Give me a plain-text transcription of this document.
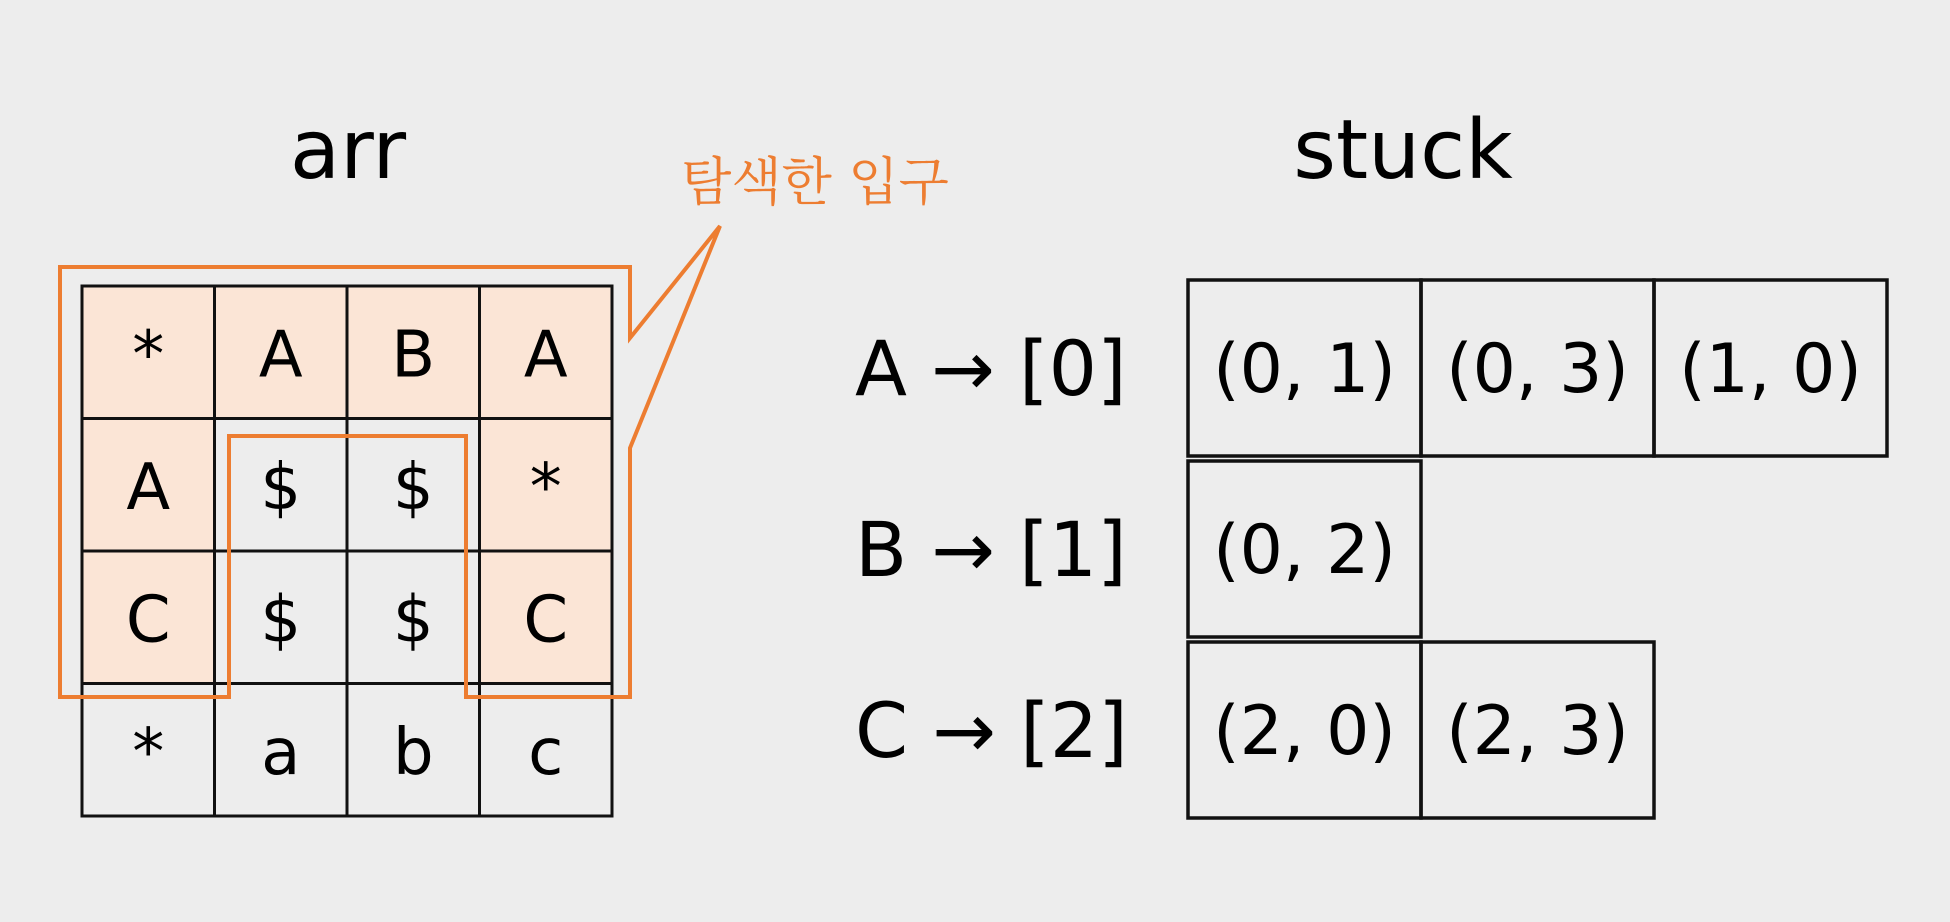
arr
* A B A
A $ $ *
C $ $ C
* a b c
탐색한 입구	stuck
A → [0] (0, 1) (0, 3) (1, 0)
B → [1] (0, 2)
C → [2] (2, 0) (2, 3)
